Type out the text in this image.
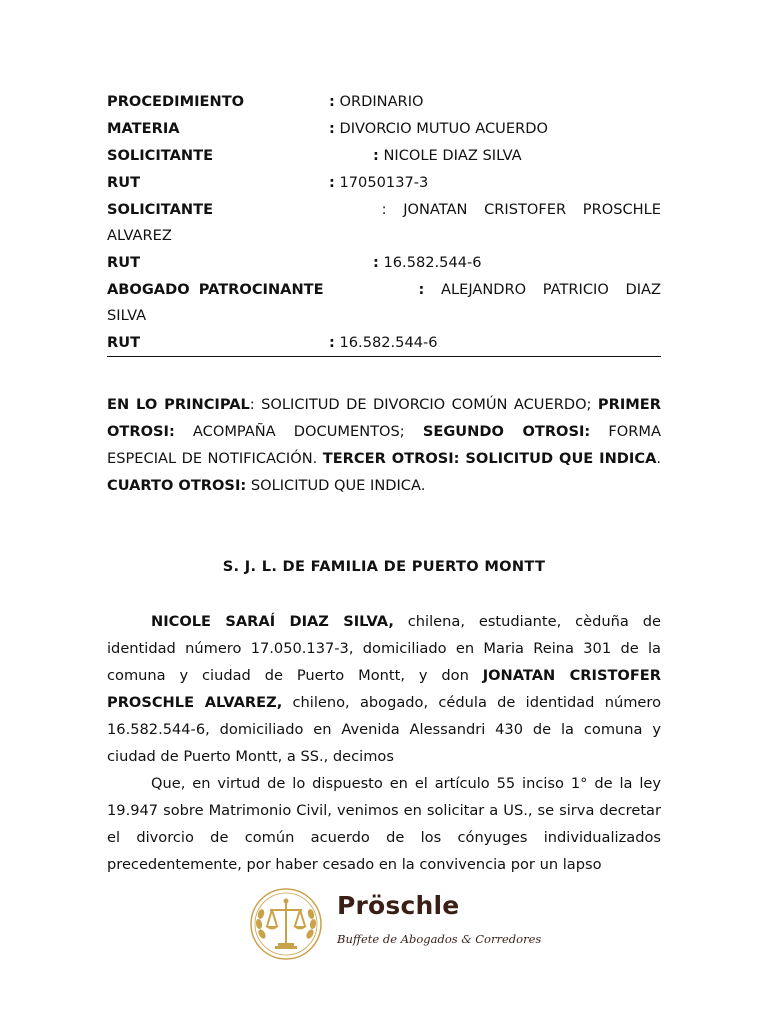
PROCEDIMIENTO	: ORDINARIO
MATERIA	: DIVORCIO MUTUO ACUERDO
SOLICITANTE	: NICOLE DIAZ SILVA
RUT	: 17050137-3
SOLICITANTE	: JONATAN CRISTOFER PROSCHLE
ALVAREZ
RUT	: 16.582.544-6
ABOGADO PATROCINANTE	: ALEJANDRO PATRICIO DIAZ
SILVA
RUT	: 16.582.544-6
EN LO PRINCIPAL: SOLICITUD DE DIVORCIO COMÚN ACUERDO; PRIMER OTROSI: ACOMPAÑA DOCUMENTOS; SEGUNDO OTROSI: FORMA ESPECIAL DE NOTIFICACIÓN. TERCER OTROSI: SOLICITUD QUE INDICA. CUARTO OTROSI: SOLICITUD QUE INDICA.
S. J. L. DE FAMILIA DE PUERTO MONTT

NICOLE SARAÍ DIAZ SILVA, chilena, estudiante, cèduña de identidad número 17.050.137-3, domiciliado en Maria Reina 301 de la comuna y ciudad de Puerto Montt, y don JONATAN CRISTOFER PROSCHLE ALVAREZ, chileno, abogado, cédula de identidad número 16.582.544-6, domiciliado en Avenida Alessandri 430 de la comuna y ciudad de Puerto Montt, a SS., decimos

Que, en virtud de lo dispuesto en el artículo 55 inciso 1° de la ley 19.947 sobre Matrimonio Civil, venimos en solicitar a US., se sirva decretar el divorcio de común acuerdo de los cónyuges individualizados precedentemente, por haber cesado en la convivencia por un lapso

Pröschle
Buffete de Abogados & Corredores
